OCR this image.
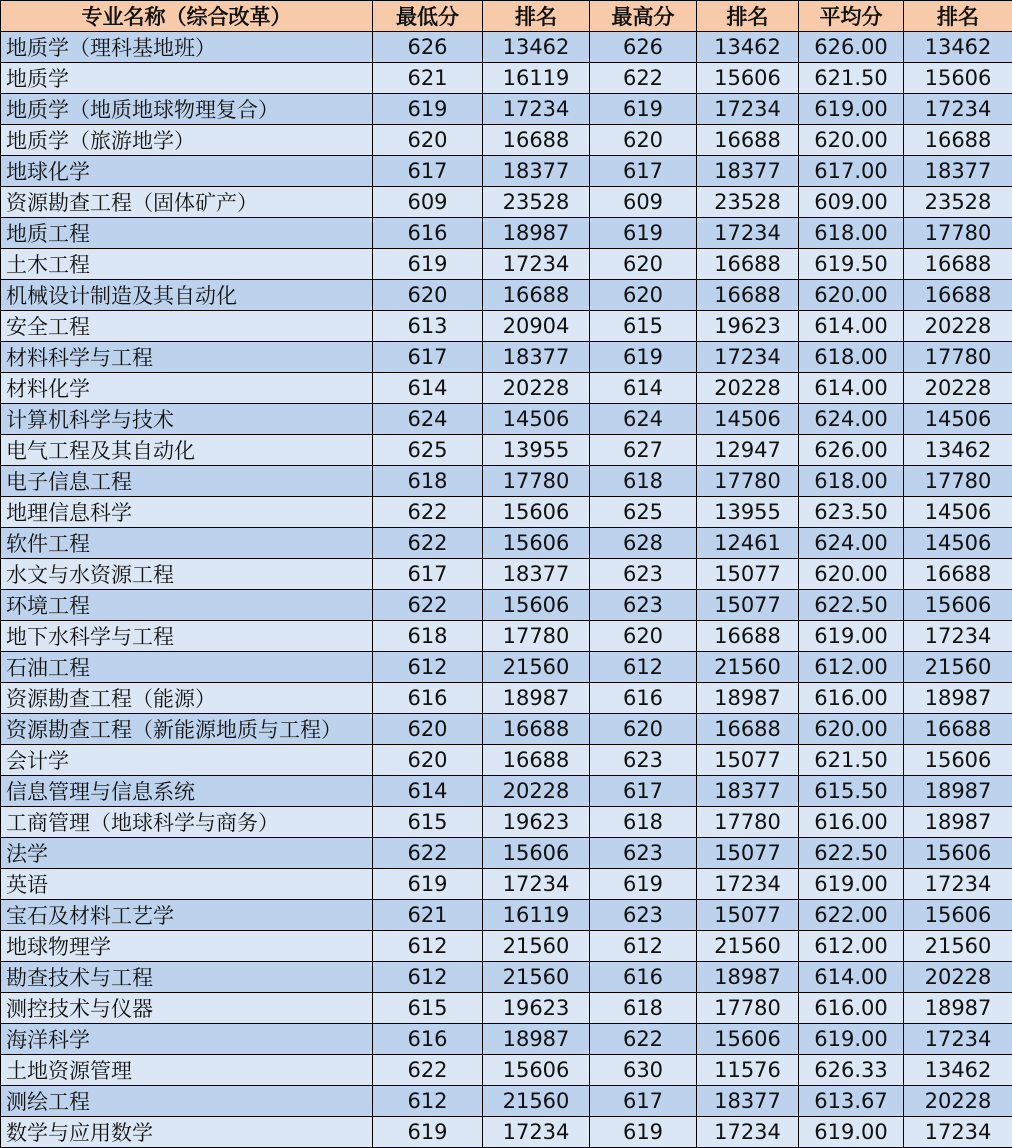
专业名称（综合改革）	最低分	排名	最高分	排名	平均分	排名
地质学（理科基地班）	626	13462	626	13462	626.00	13462
地质学	621	16119	622	15606	621.50	15606
地质学（地质地球物理复合）	619	17234	619	17234	619.00	17234
地质学（旅游地学）	620	16688	620	16688	620.00	16688
地球化学	617	18377	617	18377	617.00	18377
资源勘查工程（固体矿产）	609	23528	609	23528	609.00	23528
地质工程	616	18987	619	17234	618.00	17780
土木工程	619	17234	620	16688	619.50	16688
机械设计制造及其自动化	620	16688	620	16688	620.00	16688
安全工程	613	20904	615	19623	614.00	20228
材料科学与工程	617	18377	619	17234	618.00	17780
材料化学	614	20228	614	20228	614.00	20228
计算机科学与技术	624	14506	624	14506	624.00	14506
电气工程及其自动化	625	13955	627	12947	626.00	13462
电子信息工程	618	17780	618	17780	618.00	17780
地理信息科学	622	15606	625	13955	623.50	14506
软件工程	622	15606	628	12461	624.00	14506
水文与水资源工程	617	18377	623	15077	620.00	16688
环境工程	622	15606	623	15077	622.50	15606
地下水科学与工程	618	17780	620	16688	619.00	17234
石油工程	612	21560	612	21560	612.00	21560
资源勘查工程（能源）	616	18987	616	18987	616.00	18987
资源勘查工程（新能源地质与工程）	620	16688	620	16688	620.00	16688
会计学	620	16688	623	15077	621.50	15606
信息管理与信息系统	614	20228	617	18377	615.50	18987
工商管理（地球科学与商务）	615	19623	618	17780	616.00	18987
法学	622	15606	623	15077	622.50	15606
英语	619	17234	619	17234	619.00	17234
宝石及材料工艺学	621	16119	623	15077	622.00	15606
地球物理学	612	21560	612	21560	612.00	21560
勘查技术与工程	612	21560	616	18987	614.00	20228
测控技术与仪器	615	19623	618	17780	616.00	18987
海洋科学	616	18987	622	15606	619.00	17234
土地资源管理	622	15606	630	11576	626.33	13462
测绘工程	612	21560	617	18377	613.67	20228
数学与应用数学	619	17234	619	17234	619.00	17234
